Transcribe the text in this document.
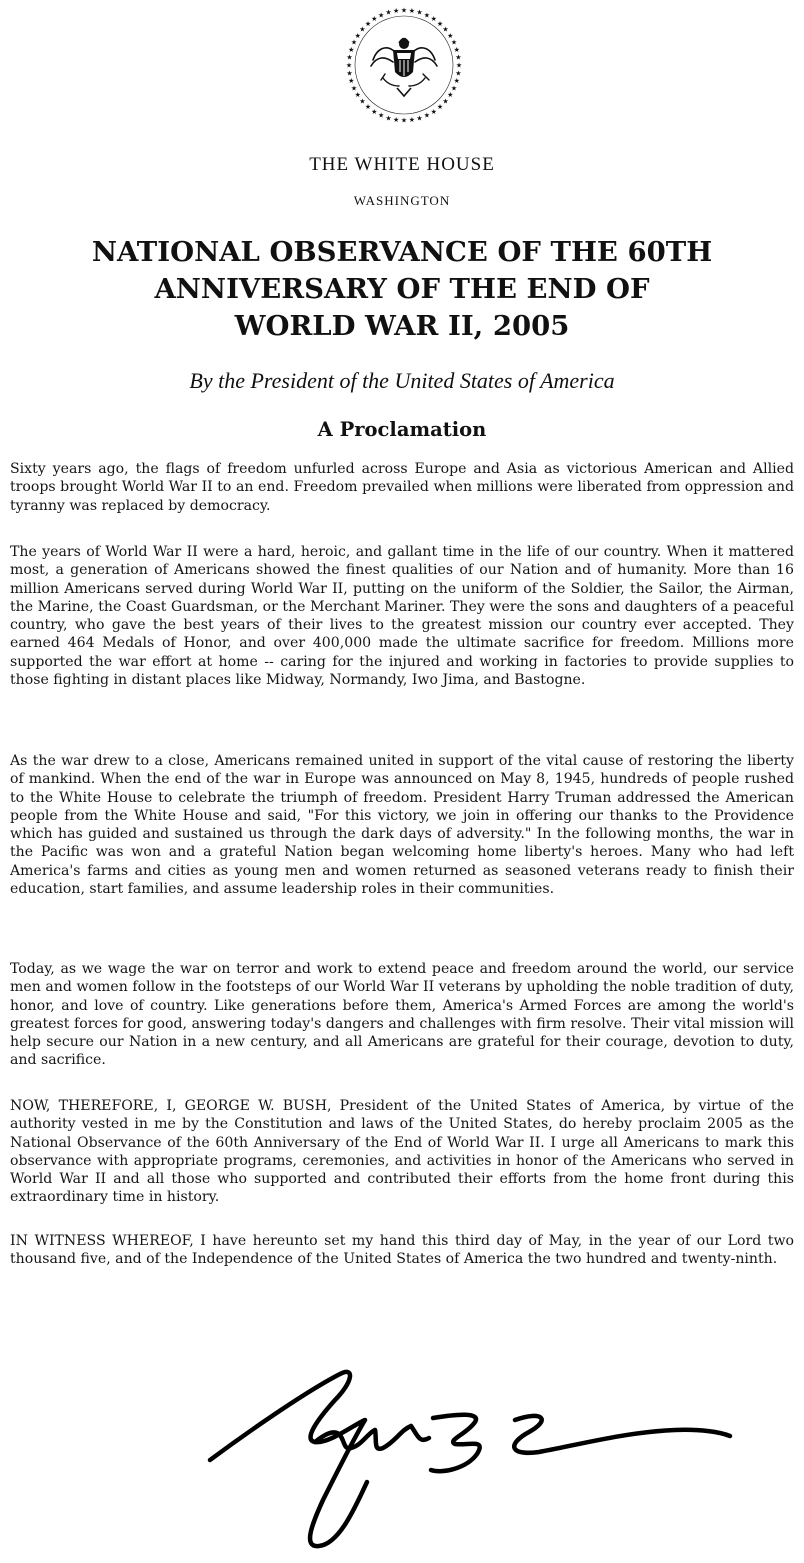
★ ★ ★ ★ ★
★
★
★
★
★
★
★
★
★
★
★
★
★
★
★
★
★
★
★
★
★
★
★
★
★
★
★
★
★
★
★
★
★
★
★
★ ★ ★ ★
THE WHITE HOUSE
WASHINGTON
NATIONAL OBSERVANCE OF THE 60TH
ANNIVERSARY OF THE END OF
WORLD WAR II, 2005
By the President of the United States of America
A Proclamation

Sixty years ago, the flags of freedom unfurled across Europe and Asia as victorious American and Allied troops brought World War II to an end. Freedom prevailed when millions were liberated from oppression and tyranny was replaced by democracy.

The years of World War II were a hard, heroic, and gallant time in the life of our country. When it mattered most, a generation of Americans showed the finest qualities of our Nation and of humanity. More than 16 million Americans served during World War II, putting on the uniform of the Soldier, the Sailor, the Airman, the Marine, the Coast Guardsman, or the Merchant Mariner. They were the sons and daughters of a peaceful country, who gave the best years of their lives to the greatest mission our country ever accepted. They earned 464 Medals of Honor, and over 400,000 made the ultimate sacrifice for freedom. Millions more supported the war effort at home -- caring for the injured and working in factories to provide supplies to those fighting in distant places like Midway, Normandy, Iwo Jima, and Bastogne.

As the war drew to a close, Americans remained united in support of the vital cause of restoring the liberty of mankind. When the end of the war in Europe was announced on May 8, 1945, hundreds of people rushed to the White House to celebrate the triumph of freedom. President Harry Truman addressed the American people from the White House and said, "For this victory, we join in offering our thanks to the Providence which has guided and sustained us through the dark days of adversity." In the following months, the war in the Pacific was won and a grateful Nation began welcoming home liberty's heroes. Many who had left America's farms and cities as young men and women returned as seasoned veterans ready to finish their education, start families, and assume leadership roles in their communities.

Today, as we wage the war on terror and work to extend peace and freedom around the world, our service men and women follow in the footsteps of our World War II veterans by upholding the noble tradition of duty, honor, and love of country. Like generations before them, America's Armed Forces are among the world's greatest forces for good, answering today's dangers and challenges with firm resolve. Their vital mission will help secure our Nation in a new century, and all Americans are grateful for their courage, devotion to duty, and sacrifice.

NOW, THEREFORE, I, GEORGE W. BUSH, President of the United States of America, by virtue of the authority vested in me by the Constitution and laws of the United States, do hereby proclaim 2005 as the National Observance of the 60th Anniversary of the End of World War II. I urge all Americans to mark this observance with appropriate programs, ceremonies, and activities in honor of the Americans who served in World War II and all those who supported and contributed their efforts from the home front during this extraordinary time in history.

IN WITNESS WHEREOF, I have hereunto set my hand this third day of May, in the year of our Lord two thousand five, and of the Independence of the United States of America the two hundred and twenty-ninth.
